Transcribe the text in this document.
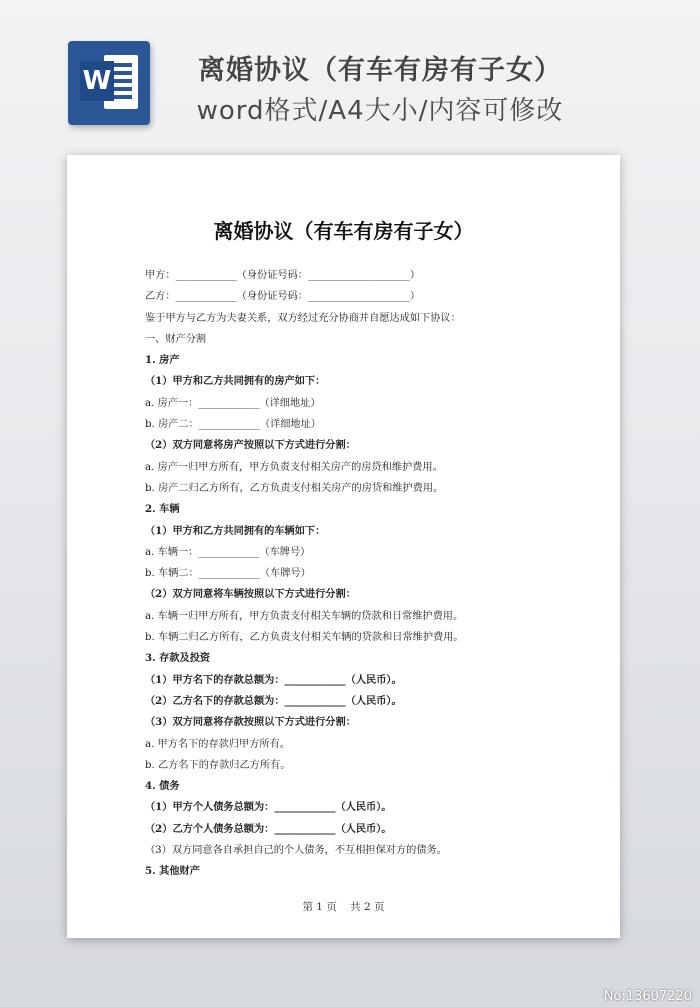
W	离婚协议（有车有房有子女）
word格式/A4大小/内容可修改
离婚协议（有车有房有子女）
甲方：____________（身份证号码：____________________）
乙方：____________（身份证号码：____________________）
鉴于甲方与乙方为夫妻关系，双方经过充分协商并自愿达成如下协议：
一、财产分割
1. 房产
（1）甲方和乙方共同拥有的房产如下：
a. 房产一：____________（详细地址）
b. 房产二：____________（详细地址）
（2）双方同意将房产按照以下方式进行分割：
a. 房产一归甲方所有，甲方负责支付相关房产的房贷和维护费用。
b. 房产二归乙方所有，乙方负责支付相关房产的房贷和维护费用。
2. 车辆
（1）甲方和乙方共同拥有的车辆如下：
a. 车辆一：____________（车牌号）
b. 车辆二：____________（车牌号）
（2）双方同意将车辆按照以下方式进行分割：
a. 车辆一归甲方所有，甲方负责支付相关车辆的贷款和日常维护费用。
b. 车辆二归乙方所有，乙方负责支付相关车辆的贷款和日常维护费用。
3. 存款及投资
（1）甲方名下的存款总额为：____________（人民币）。
（2）乙方名下的存款总额为：____________（人民币）。
（3）双方同意将存款按照以下方式进行分割：
a. 甲方名下的存款归甲方所有。
b. 乙方名下的存款归乙方所有。
4. 债务
（1）甲方个人债务总额为：____________（人民币）。
（2）乙方个人债务总额为：____________（人民币）。
（3）双方同意各自承担自己的个人债务，不互相担保对方的债务。
5. 其他财产
第 1 页 共 2 页
No:13607220
